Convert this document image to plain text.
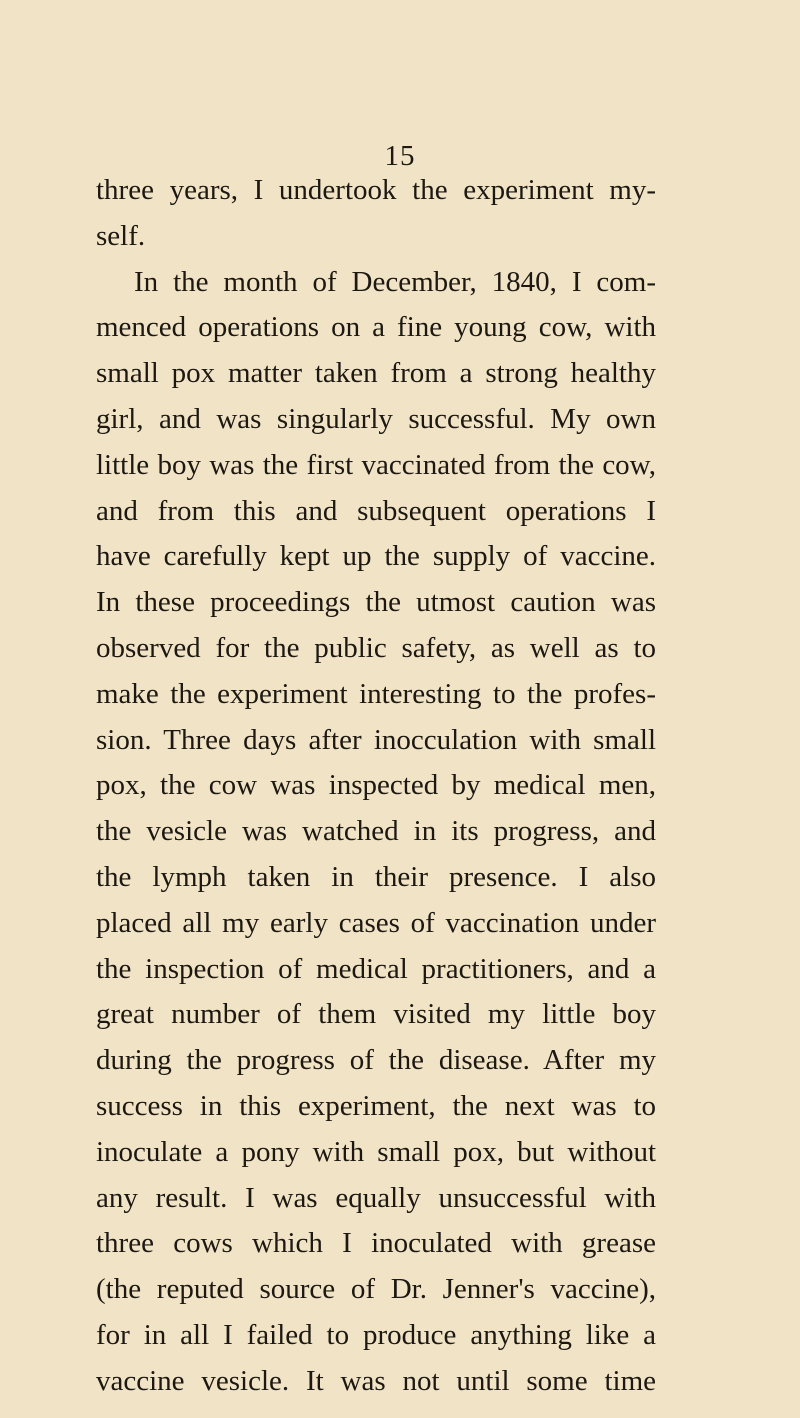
15
three years, I undertook the experiment my-
self.
In the month of December, 1840, I com-
menced operations on a fine young cow, with
small pox matter taken from a strong healthy
girl, and was singularly successful. My own
little boy was the first vaccinated from the cow,
and from this and subsequent operations I
have carefully kept up the supply of vaccine.
In these proceedings the utmost caution was
observed for the public safety, as well as to
make the experiment interesting to the profes-
sion. Three days after inocculation with small
pox, the cow was inspected by medical men,
the vesicle was watched in its progress, and
the lymph taken in their presence. I also
placed all my early cases of vaccination under
the inspection of medical practitioners, and a
great number of them visited my little boy
during the progress of the disease. After my
success in this experiment, the next was to
inoculate a pony with small pox, but without
any result. I was equally unsuccessful with
three cows which I inoculated with grease
(the reputed source of Dr. Jenner's vaccine),
for in all I failed to produce anything like a
vaccine vesicle. It was not until some time
